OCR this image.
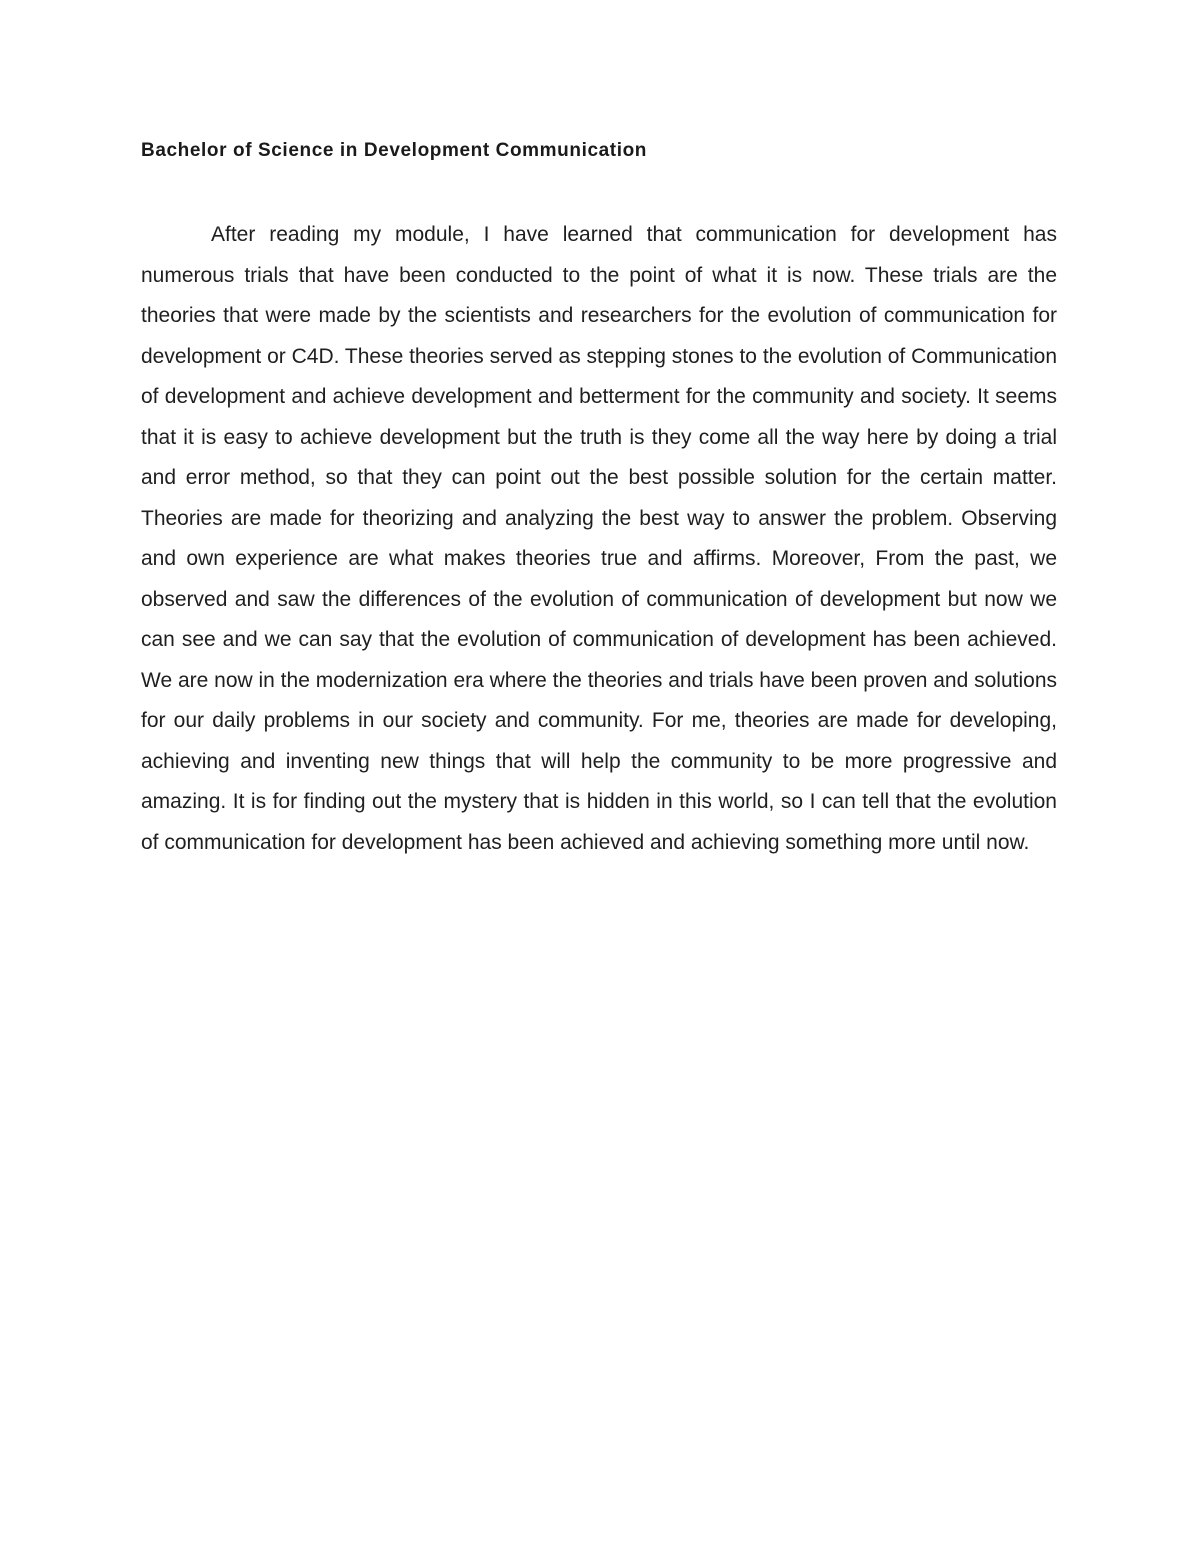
Bachelor of Science in Development Communication

After reading my module, I have learned that communication for development has numerous trials that have been conducted to the point of what it is now. These trials are the theories that were made by the scientists and researchers for the evolution of communication for development or C4D. These theories served as stepping stones to the evolution of Communication of development and achieve development and betterment for the community and society. It seems that it is easy to achieve development but the truth is they come all the way here by doing a trial and error method, so that they can point out the best possible solution for the certain matter. Theories are made for theorizing and analyzing the best way to answer the problem. Observing and own experience are what makes theories true and affirms. Moreover, From the past, we observed and saw the differences of the evolution of communication of development but now we can see and we can say that the evolution of communication of development has been achieved. We are now in the modernization era where the theories and trials have been proven and solutions for our daily problems in our society and community. For me, theories are made for developing, achieving and inventing new things that will help the community to be more progressive and amazing. It is for finding out the mystery that is hidden in this world, so I can tell that the evolution of communication for development has been achieved and achieving something more until now.
